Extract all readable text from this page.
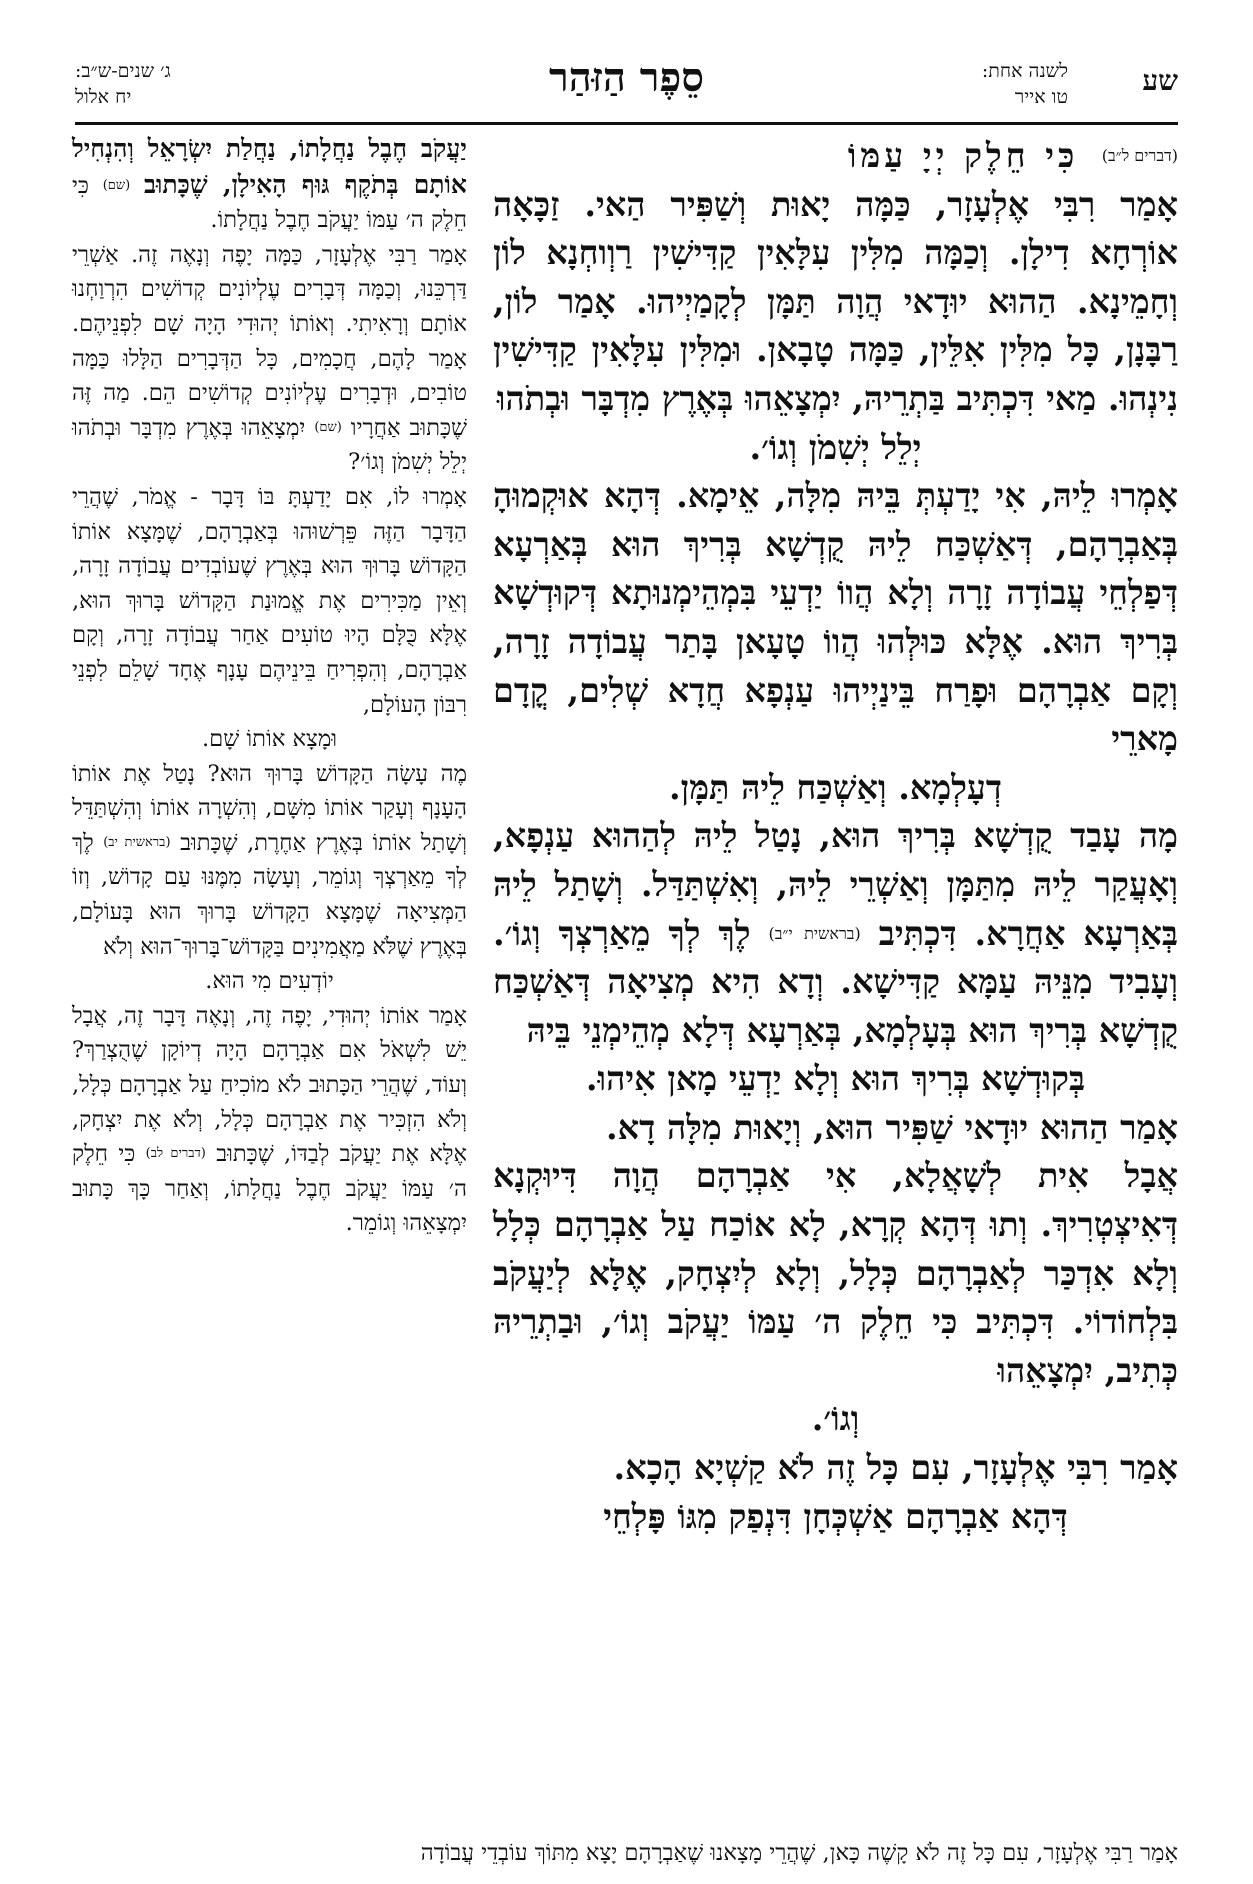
שע
לשנה אחת:
טו אייר
סֵפֶר הַזּהַר
ג׳ שנים-ש״ב:
יח אלול

(דברים ל״ב)  כִּי חֵלֶק יְיָ עַמּוֹ

אָמַר רִבִּי אֶלְעָזָר, כַּמָּה יָאוּת וְשַׁפִּיר הַאי. זַכָּאָה אוֹרְחָא דִילָן. וְכַמָּה מִלִּין עִלָּאִין קַדִּישִׁין רַוְוחְנָא לוֹן וְחָמֵינָא. הַהוּא יוּדָאי הֲוָה תַּמָּן לְקָמַיְיהוּ. אָמַר לוֹן, רַבָּנָן, כָּל מִלִּין אִלֵּין, כַּמָּה טָבָאן. וּמִלִּין עִלָּאִין קַדִּישִׁין נִינְהוּ. מַאי דִּכְתִּיב בַּתְרֵיהּ, יִמְצָאֵהוּ בְּאֶרֶץ מִדְבָּר וּבְתֹהוּ

יְלֵל יְשִׁמֹן וְגוֹ׳.

אָמְרוּ לֵיהּ, אִי יָדַעְתְּ בֵּיהּ מִלָּה, אֵימָא. דְּהָא אוּקְמוּהָ בְּאַבְרָהָם, דְּאַשְׁכַּח לֵיהּ קֻדְשָׁא בְּרִיךְ הוּא בְּאַרְעָא דְּפַלְחֵי עֲבוֹדָה זָרָה וְלָא הֲווֹ יַדְעֵי בִּמְהֵימְנוּתָא דְּקוּדְשָׁא בְּרִיךְ הוּא. אֶלָּא כּוּלְּהוּ הֲווֹ טָעָאן בָּתַר עֲבוֹדָה זָרָה, וְקָם אַבְרָהָם וּפָרַח בֵּינַיְיהוּ עַנְפָא חֲדָא שְׁלִים, קֳדָם מָארֵי

דְעָלְמָא. וְאַשְׁכַּח לֵיהּ תַּמָּן.

מָה עָבַד קֻדְשָׁא בְּרִיךְ הוּא, נָטַל לֵיהּ לְהַהוּא עַנְפָא, וְאָעֲקַר לֵיהּ מִתַּמָּן וְאַשְׁרֵי לֵיהּ, וְאִשְׁתַּדַּל. וְשָׁתַל לֵיהּ בְּאַרְעָא אַחֲרָא. דִּכְתִּיב (בראשית י״ב) לֶךְ לְךָ מֵאַרְצְךָ וְגוֹ׳. וְעָבִיד מִנֵּיהּ עַמָּא קַדִּישָׁא. וְדָא הִיא מְצִיאָה דְּאַשְׁכַּח קֻדְשָׁא בְּרִיךְ הוּא בְּעָלְמָא, בְּאַרְעָא דְּלָא מְהֵימְנֵי בֵּיהּ

בְּקוּדְשָׁא בְּרִיךְ הוּא וְלָא יַדְעֵי מָאן אִיהוּ.

אָמַר הַהוּא יוּדָאי שַׁפִּיר הוּא, וְיָאוּת מִלָּה דָא.

אֲבָל אִית לְשָׁאֲלָא, אִי אַבְרָהָם הֲוָה דִּיוּקְנָא דְּאִיצְטְרִיךְ. וְתוּ דְּהָא קְרָא, לָא אוֹכַח עַל אַבְרָהָם כְּלָל וְלָא אִדְכַּר לְאַבְרָהָם כְּלָל, וְלָא לְיִצְחָק, אֶלָּא לְיַעֲקֹב בִּלְחוֹדוֹי. דִּכְתִּיב כִּי חֵלֶק ה׳ עַמּוֹ יַעֲקֹב וְגוֹ׳, וּבַתְרֵיהּ כְּתִיב, יִמְצָאֵהוּ

וְגוֹ׳.

אָמַר רִבִּי אֶלְעָזָר, עִם כָּל זֶה לֹא קַשְׁיָא הָכָא.

דְּהָא אַבְרָהָם אַשְׁכְּחָן דִּנְפַק מִגּוֹ פָּלְחֵי

יַעֲקֹב חֶבֶל נַחֲלָתוֹ, נַחֲלַת יִשְׂרָאֵל וְהִנְחִיל אוֹתָם בְּתֹקֶף גּוּף הָאִילָן, שֶׁכָּתוּב (שם) כִּי חֵלֶק ה׳ עַמּוֹ יַעֲקֹב חֶבֶל נַחֲלָתוֹ.

אָמַר רַבִּי אֶלְעָזָר, כַּמָּה יָפֶה וְנָאֶה זֶה. אַשְׁרֵי דַּרְכֵּנוּ, וְכַמָּה דְּבָרִים עֶלְיוֹנִים קְדוֹשִׁים הִרְוַחְנוּ אוֹתָם וְרָאִיתִי. וְאוֹתוֹ יְהוּדִי הָיָה שָׁם לִפְנֵיהֶם. אָמַר לָהֶם, חֲכָמִים, כָּל הַדְּבָרִים הַלָּלוּ כַּמָּה טוֹבִים, וּדְבָרִים עֶלְיוֹנִים קְדוֹשִׁים הֵם. מַה זֶּה שֶׁכָּתוּב אַחֲרָיו (שם) יִמְצָאֵהוּ בְּאֶרֶץ מִדְבָּר וּבְתֹהוּ יְלֵל יְשִׁמֹן וְגוֹ׳?

אָמְרוּ לוֹ, אִם יָדַעְתָּ בּוֹ דָּבָר - אֱמֹר, שֶׁהֲרֵי הַדָּבָר הַזֶּה פֵּרְשׁוּהוּ בְּאַבְרָהָם, שֶׁמָּצָא אוֹתוֹ הַקָּדוֹשׁ בָּרוּךְ הוּא בְּאֶרֶץ שֶׁעוֹבְדִים עֲבוֹדָה זָרָה, וְאֵין מַכִּירִים אֶת אֱמוּנַת הַקָּדוֹשׁ בָּרוּךְ הוּא, אֶלָּא כֻּלָּם הָיוּ טוֹעִים אַחַר עֲבוֹדָה זָרָה, וְקָם אַבְרָהָם, וְהִפְרִיחַ בֵּינֵיהֶם עָנָף אֶחָד שָׁלֵם לִפְנֵי רִבּוֹן הָעוֹלָם,

וּמָצָא אוֹתוֹ שָׁם.

מֶה עָשָׂה הַקָּדוֹשׁ בָּרוּךְ הוּא? נָטַל אֶת אוֹתוֹ הָעָנָף וְעָקַר אוֹתוֹ מִשָּׁם, וְהִשְׁרָה אוֹתוֹ וְהִשְׁתַּדֵּל וְשָׁתַל אוֹתוֹ בְּאֶרֶץ אַחֶרֶת, שֶׁכָּתוּב (בראשית יב) לֶךְ לְךָ מֵאַרְצְךָ וְגוֹמֵר, וְעָשָׂה מִמֶּנּוּ עַם קָדוֹשׁ, וְזוֹ הַמְּצִיאָה שֶׁמָּצָא הַקָּדוֹשׁ בָּרוּךְ הוּא בָּעוֹלָם, בְּאֶרֶץ שֶׁלֹּא מַאֲמִינִים בַּקָּדוֹשׁ־בָּרוּךְ־הוּא וְלֹא

יוֹדְעִים מִי הוּא.

אָמַר אוֹתוֹ יְהוּדִי, יָפֶה זֶה, וְנָאֶה דָּבָר זֶה, אֲבָל יֵשׁ לִשְׁאֹל אִם אַבְרָהָם הָיָה דְיוֹקָן שֶׁהֻצְרַךְ? וְעוֹד, שֶׁהֲרֵי הַכָּתוּב לֹא מוֹכִיחַ עַל אַבְרָהָם כְּלָל, וְלֹא הִזְכִּיר אֶת אַבְרָהָם כְּלָל, וְלֹא אֶת יִצְחָק, אֶלָּא אֶת יַעֲקֹב לְבַדּוֹ, שֶׁכָּתוּב (דברים לב) כִּי חֵלֶק ה׳ עַמּוֹ יַעֲקֹב חֶבֶל נַחֲלָתוֹ, וְאַחַר כָּךְ כָּתוּב יִמְצָאֵהוּ וְגוֹמֵר.

אָמַר רַבִּי אֶלְעָזָר, עִם כָּל זֶה לֹא קָשֶׁה כָּאן, שֶׁהֲרֵי מָצָאנוּ שֶׁאַבְרָהָם יָצָא מִתּוֹךְ עוֹבְדֵי עֲבוֹדָה
